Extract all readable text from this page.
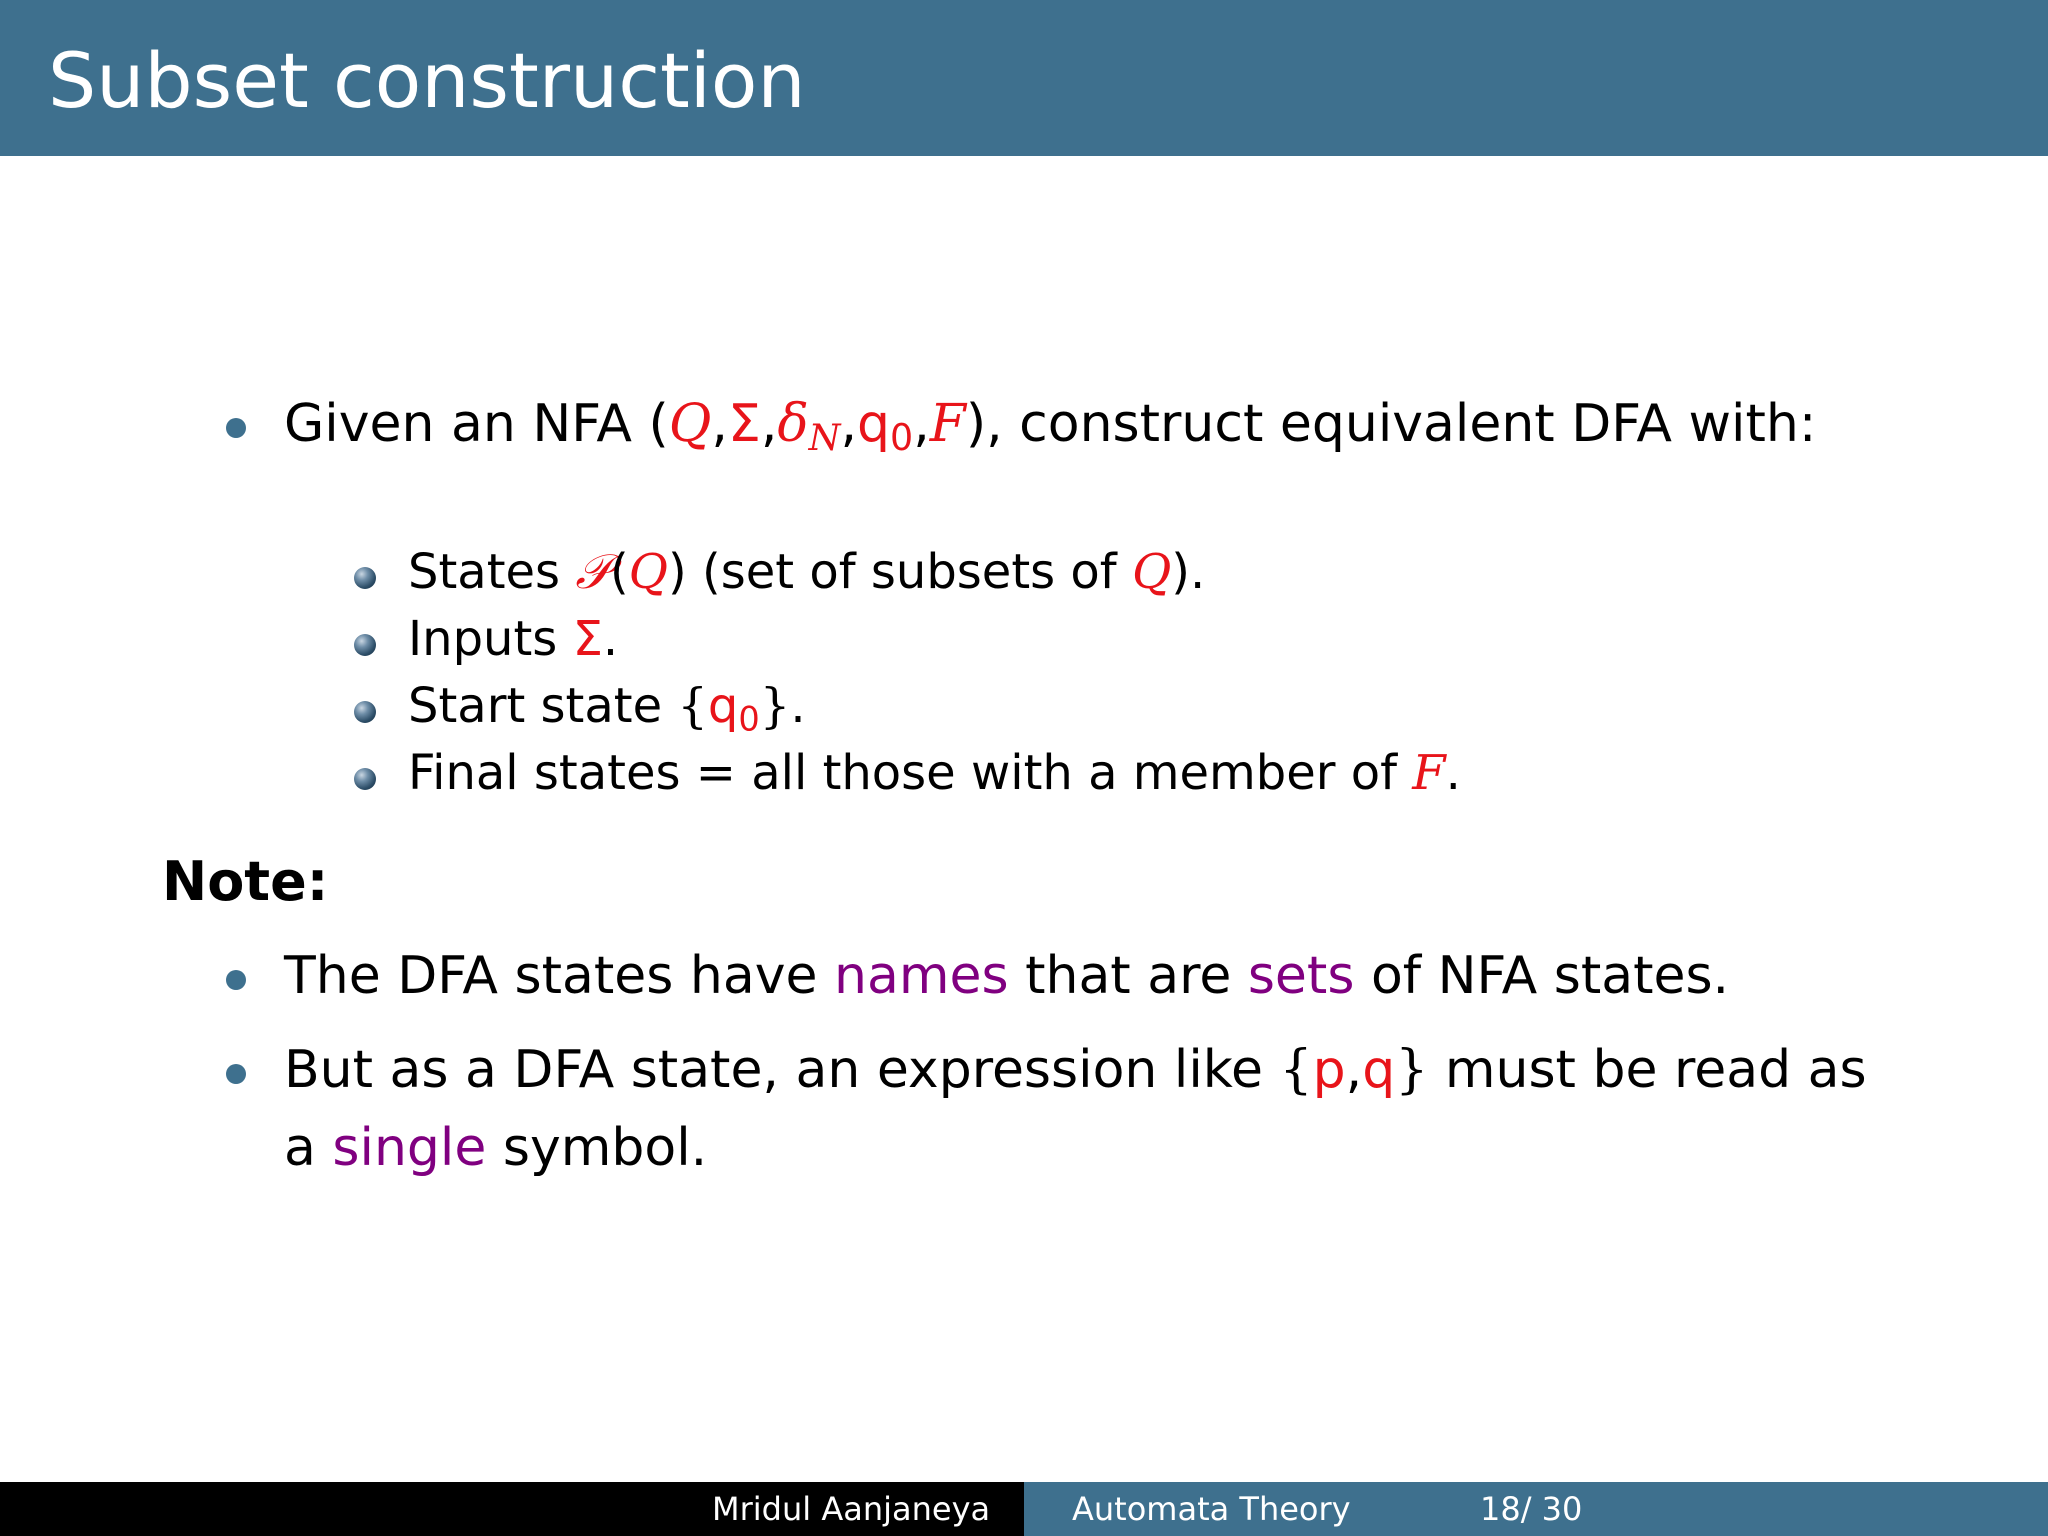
Subset construction
Given an NFA $(Q,\Sigma,\delta_N,q_0,F)$, construct equivalent DFA with:
States 𝒫(Q) (set of subsets of Q).
Inputs Σ.
Start state $\{q_0\}$.
Final states = all those with a member of F.
Note:
The DFA states have names that are sets of NFA states.
But as a DFA state, an expression like {p,q} must be read as
a single symbol.
Mridul Aanjaneya	Automata Theory	18/ 30
